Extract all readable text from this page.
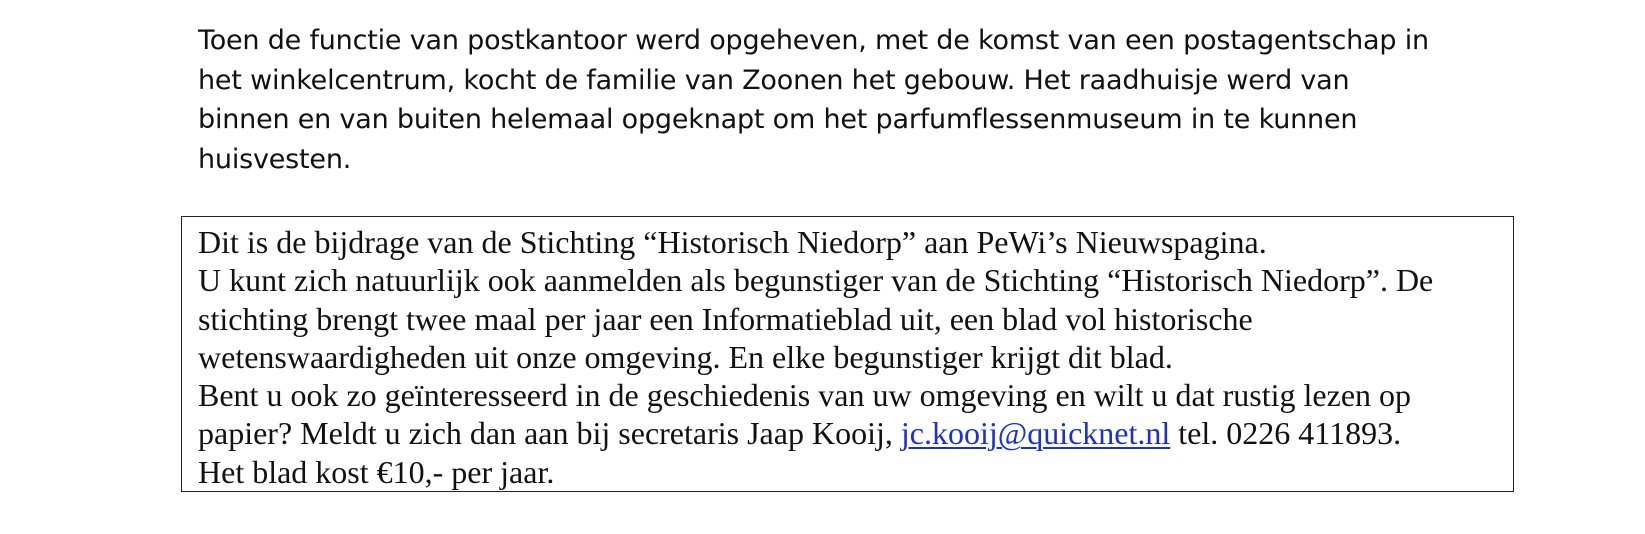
Toen de functie van postkantoor werd opgeheven, met de komst van een postagentschap in
het winkelcentrum, kocht de familie van Zoonen het gebouw. Het raadhuisje werd van
binnen en van buiten helemaal opgeknapt om het parfumflessenmuseum in te kunnen
huisvesten.
Dit is de bijdrage van de Stichting “Historisch Niedorp” aan PeWi’s Nieuwspagina.
U kunt zich natuurlijk ook aanmelden als begunstiger van de Stichting “Historisch Niedorp”. De
stichting brengt twee maal per jaar een Informatieblad uit, een blad vol historische
wetenswaardigheden uit onze omgeving. En elke begunstiger krijgt dit blad.
Bent u ook zo geïnteresseerd in de geschiedenis van uw omgeving en wilt u dat rustig lezen op
papier? Meldt u zich dan aan bij secretaris Jaap Kooij, jc.kooij@quicknet.nl tel. 0226 411893.
Het blad kost €10,- per jaar.
